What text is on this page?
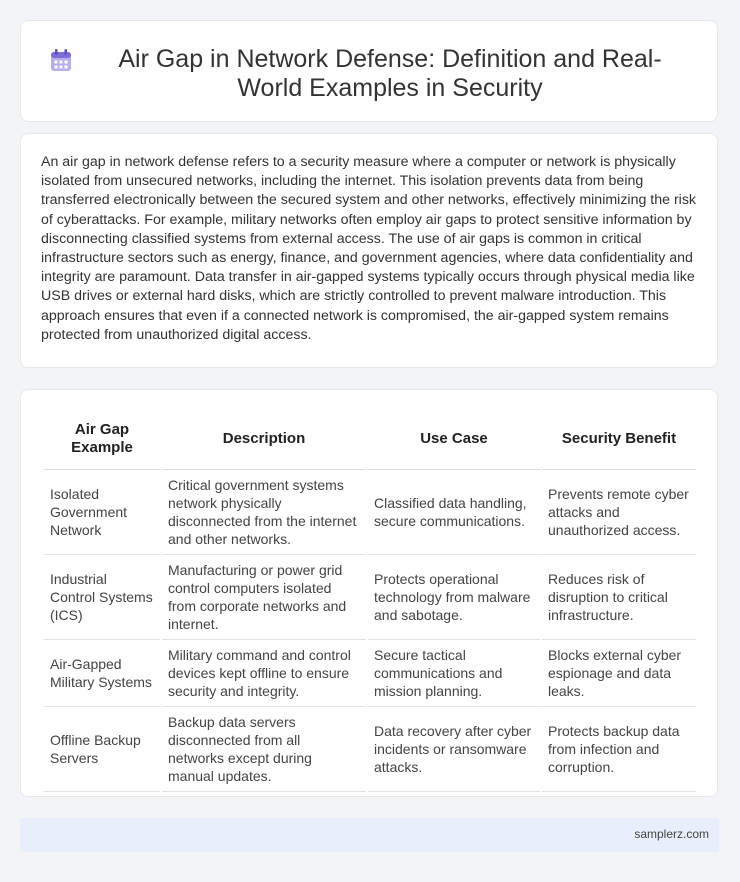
Air Gap in Network Defense: Definition and Real-World Examples in Security

An air gap in network defense refers to a security measure where a computer or network is physically isolated from unsecured networks, including the internet. This isolation prevents data from being transferred electronically between the secured system and other networks, effectively minimizing the risk of cyberattacks. For example, military networks often employ air gaps to protect sensitive information by disconnecting classified systems from external access. The use of air gaps is common in critical infrastructure sectors such as energy, finance, and government agencies, where data confidentiality and integrity are paramount. Data transfer in air-gapped systems typically occurs through physical media like USB drives or external hard disks, which are strictly controlled to prevent malware introduction. This approach ensures that even if a connected network is compromised, the air-gapped system remains protected from unauthorized digital access.

Air Gap Example	Description	Use Case	Security Benefit
Isolated Government Network	Critical government systems network physically disconnected from the internet and other networks.	Classified data handling, secure communications.	Prevents remote cyber attacks and unauthorized access.
Industrial Control Systems (ICS)	Manufacturing or power grid control computers isolated from corporate networks and internet.	Protects operational technology from malware and sabotage.	Reduces risk of disruption to critical infrastructure.
Air-Gapped Military Systems	Military command and control devices kept offline to ensure security and integrity.	Secure tactical communications and mission planning.	Blocks external cyber espionage and data leaks.
Offline Backup Servers	Backup data servers disconnected from all networks except during manual updates.	Data recovery after cyber incidents or ransomware attacks.	Protects backup data from infection and corruption.
samplerz.com
